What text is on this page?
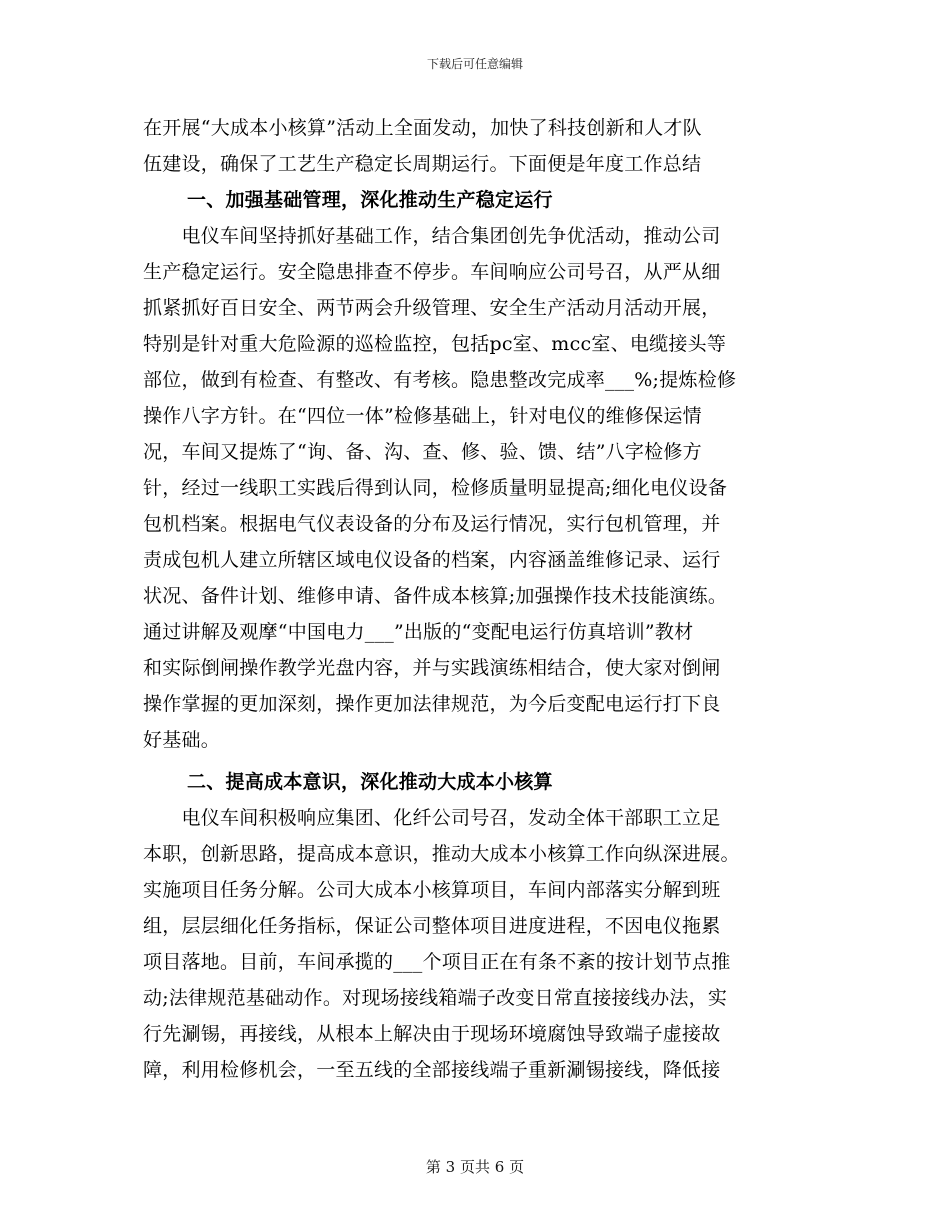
下载后可任意编辑
在开展“大成本小核算”活动上全面发动，加快了科技创新和人才队
伍建设，确保了工艺生产稳定长周期运行。下面便是年度工作总结
一、加强基础管理，深化推动生产稳定运行
　　电仪车间坚持抓好基础工作，结合集团创先争优活动，推动公司
生产稳定运行。安全隐患排查不停步。车间响应公司号召，从严从细
抓紧抓好百日安全、两节两会升级管理、安全生产活动月活动开展，
特别是针对重大危险源的巡检监控，包括pc室、mcc室、电缆接头等
部位，做到有检查、有整改、有考核。隐患整改完成率___%;提炼检修
操作八字方针。在“四位一体”检修基础上，针对电仪的维修保运情
况，车间又提炼了“询、备、沟、查、修、验、馈、结”八字检修方
针，经过一线职工实践后得到认同，检修质量明显提高;细化电仪设备
包机档案。根据电气仪表设备的分布及运行情况，实行包机管理，并
责成包机人建立所辖区域电仪设备的档案，内容涵盖维修记录、运行
状况、备件计划、维修申请、备件成本核算;加强操作技术技能演练。
通过讲解及观摩“中国电力___”出版的“变配电运行仿真培训”教材
和实际倒闸操作教学光盘内容，并与实践演练相结合，使大家对倒闸
操作掌握的更加深刻，操作更加法律规范，为今后变配电运行打下良
好基础。
二、提高成本意识，深化推动大成本小核算
　　电仪车间积极响应集团、化纤公司号召，发动全体干部职工立足
本职，创新思路，提高成本意识，推动大成本小核算工作向纵深进展。
实施项目任务分解。公司大成本小核算项目，车间内部落实分解到班
组，层层细化任务指标，保证公司整体项目进度进程，不因电仪拖累
项目落地。目前，车间承揽的___个项目正在有条不紊的按计划节点推
动;法律规范基础动作。对现场接线箱端子改变日常直接接线办法，实
行先涮锡，再接线，从根本上解决由于现场环境腐蚀导致端子虚接故
障，利用检修机会，一至五线的全部接线端子重新涮锡接线，降低接
第 3 页共 6 页
